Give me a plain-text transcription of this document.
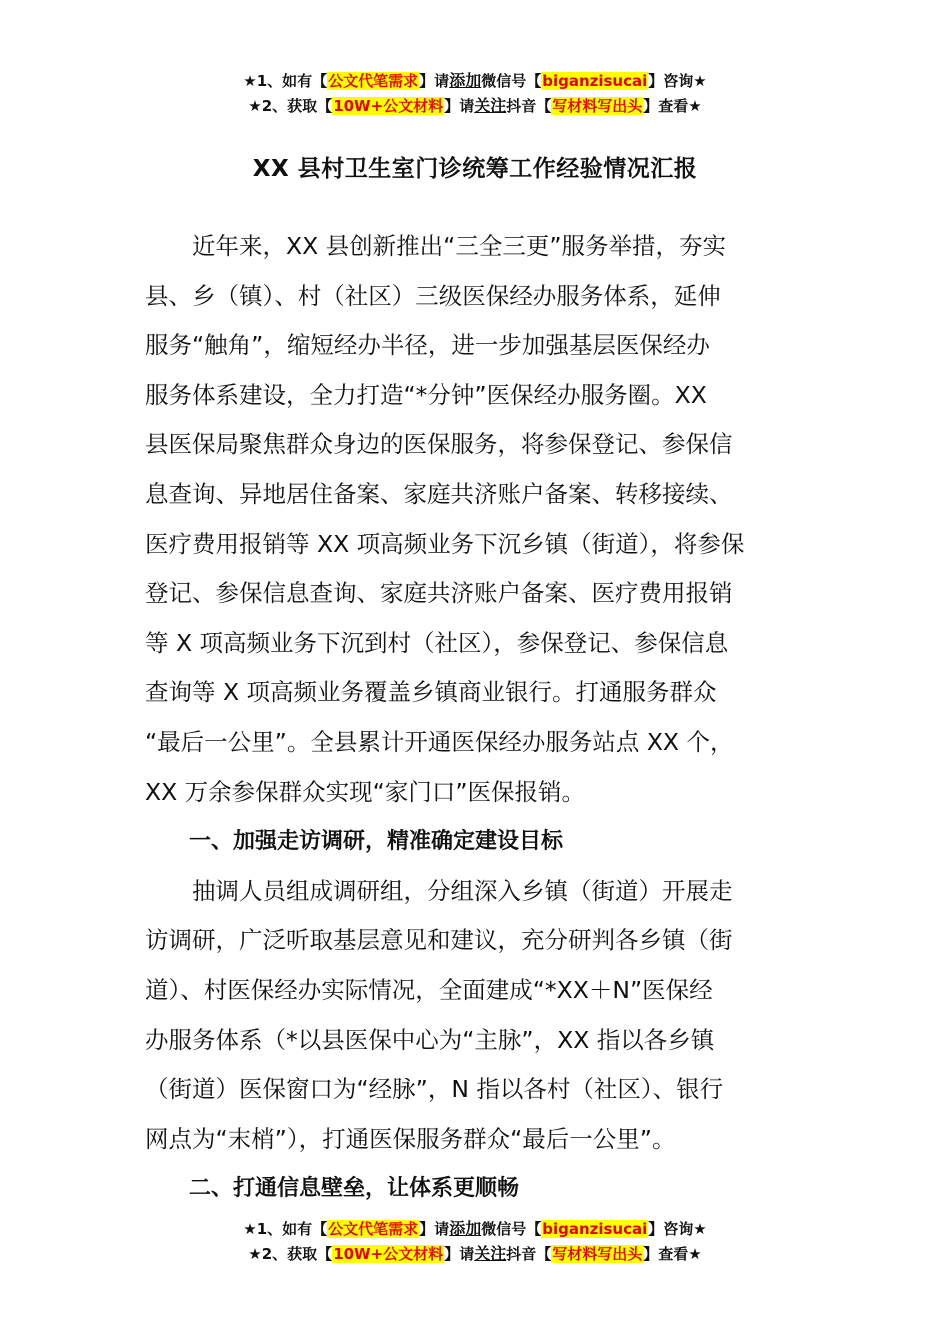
★1、如有【公文代笔需求】请添加微信号【biganzisucai】咨询★
★2、获取【10W+公文材料】请关注抖音【写材料写出头】查看★
XX 县村卫生室门诊统筹工作经验情况汇报
　　近年来，XX 县创新推出“三全三更”服务举措，夯实
县、乡（镇）、村（社区）三级医保经办服务体系，延伸
服务“触角”，缩短经办半径，进一步加强基层医保经办
服务体系建设，全力打造“*分钟”医保经办服务圈。XX
县医保局聚焦群众身边的医保服务，将参保登记、参保信
息查询、异地居住备案、家庭共济账户备案、转移接续、
医疗费用报销等 XX 项高频业务下沉乡镇（街道），将参保
登记、参保信息查询、家庭共济账户备案、医疗费用报销
等 X 项高频业务下沉到村（社区），参保登记、参保信息
查询等 X 项高频业务覆盖乡镇商业银行。打通服务群众
“最后一公里”。全县累计开通医保经办服务站点 XX 个，
XX 万余参保群众实现“家门口”医保报销。
　　一、加强走访调研，精准确定建设目标
　　抽调人员组成调研组，分组深入乡镇（街道）开展走
访调研，广泛听取基层意见和建议，充分研判各乡镇（街
道）、村医保经办实际情况，全面建成“*XX＋N”医保经
办服务体系（*以县医保中心为“主脉”，XX 指以各乡镇
（街道）医保窗口为“经脉”，N 指以各村（社区）、银行
网点为“末梢”），打通医保服务群众“最后一公里”。
　　二、打通信息壁垒，让体系更顺畅
★1、如有【公文代笔需求】请添加微信号【biganzisucai】咨询★
★2、获取【10W+公文材料】请关注抖音【写材料写出头】查看★
